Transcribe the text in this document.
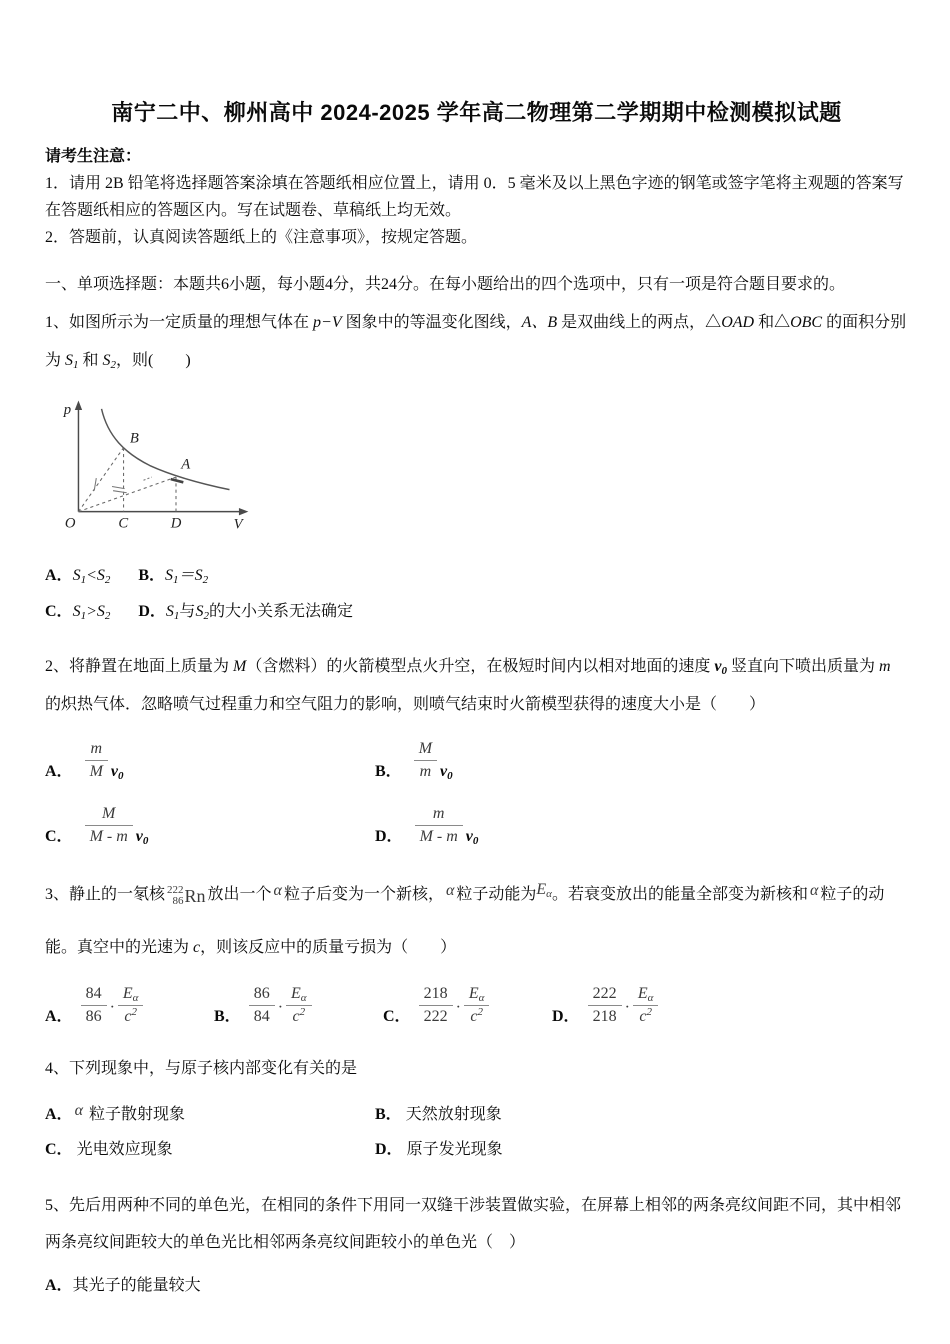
南宁二中、柳州高中 2024-2025 学年高二物理第二学期期中检测模拟试题
请考生注意：
1．请用 2B 铅笔将选择题答案涂填在答题纸相应位置上，请用 0．5 毫米及以上黑色字迹的钢笔或签字笔将主观题的答案写在答题纸相应的答题区内。写在试题卷、草稿纸上均无效。
2．答题前，认真阅读答题纸上的《注意事项》，按规定答题。
一、单项选择题：本题共6小题，每小题4分，共24分。在每小题给出的四个选项中，只有一项是符合题目要求的。
1、如图所示为一定质量的理想气体在 p−V 图象中的等温变化图线，A、B 是双曲线上的两点，△OAD 和△OBC 的面积分别为 $S_1$ 和 $S_2$，则(　　)
p
V
O	C	D
B
A
A．$S_1<S_2$ B．$S_1=S_2$
C．$S_1>S_2$ D．$S_1$与$S_2$的大小关系无法确定
2、将静置在地面上质量为 M（含燃料）的火箭模型点火升空，在极短时间内以相对地面的速度 $v_0$ 竖直向下喷出质量为 m 的炽热气体．忽略喷气过程重力和空气阻力的影响，则喷气结束时火箭模型获得的速度大小是（　　）
A． $\frac{m}{M} v_0$	B． $\frac{M}{m} v_0$
C． $\frac{M}{M - m} v_0$	D． $\frac{m}{M - m} v_0$
3、静止的一氡核 222
86 Rn 放出一个 α 粒子后变为一个新核， α 粒子动能为$E_\alpha$。若衰变放出的能量全部变为新核和 α 粒子的动能。真空中的光速为 c，则该反应中的质量亏损为（　　）
A． $\frac{84}{86} \cdot \frac{E_\alpha}{c^2}$	B． $\frac{86}{84} \cdot \frac{E_\alpha}{c^2}$	C． $\frac{218}{222} \cdot \frac{E_\alpha}{c^2}$	D． $\frac{222}{218} \cdot \frac{E_\alpha}{c^2}$
4、下列现象中，与原子核内部变化有关的是
A． α 粒子散射现象	B． 天然放射现象
C． 光电效应现象	D． 原子发光现象
5、先后用两种不同的单色光，在相同的条件下用同一双缝干涉装置做实验，在屏幕上相邻的两条亮纹间距不同，其中相邻两条亮纹间距较大的单色光比相邻两条亮纹间距较小的单色光（　）
A．其光子的能量较大
